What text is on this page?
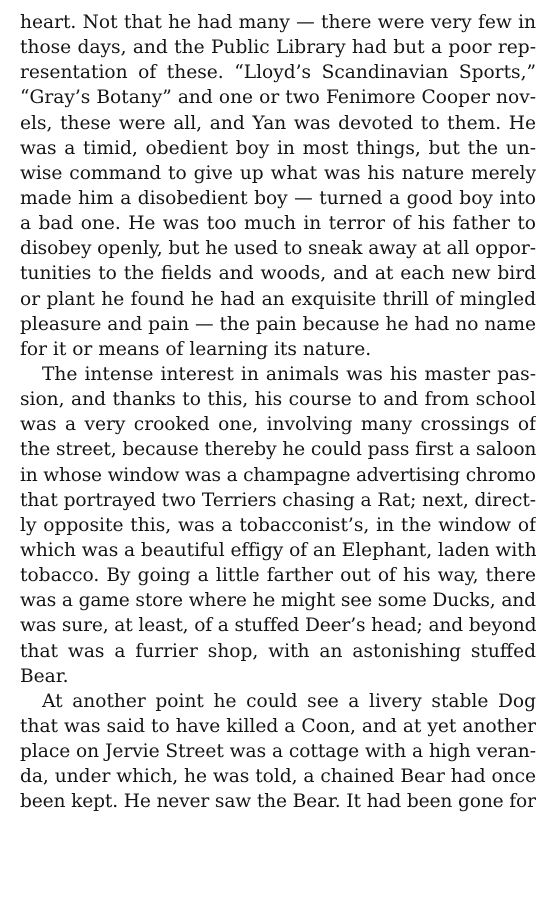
heart. Not that he had many — there were very few in
those days, and the Public Library had but a poor rep-
resentation of these. “Lloyd’s Scandinavian Sports,”
“Gray’s Botany” and one or two Fenimore Cooper nov-
els, these were all, and Yan was devoted to them. He
was a timid, obedient boy in most things, but the un-
wise command to give up what was his nature merely
made him a disobedient boy — turned a good boy into
a bad one. He was too much in terror of his father to
disobey openly, but he used to sneak away at all oppor-
tunities to the fields and woods, and at each new bird
or plant he found he had an exquisite thrill of mingled
pleasure and pain — the pain because he had no name
for it or means of learning its nature.
The intense interest in animals was his master pas-
sion, and thanks to this, his course to and from school
was a very crooked one, involving many crossings of
the street, because thereby he could pass first a saloon
in whose window was a champagne advertising chromo
that portrayed two Terriers chasing a Rat; next, direct-
ly opposite this, was a tobacconist’s, in the window of
which was a beautiful effigy of an Elephant, laden with
tobacco. By going a little farther out of his way, there
was a game store where he might see some Ducks, and
was sure, at least, of a stuffed Deer’s head; and beyond
that was a furrier shop, with an astonishing stuffed
Bear.
At another point he could see a livery stable Dog
that was said to have killed a Coon, and at yet another
place on Jervie Street was a cottage with a high veran-
da, under which, he was told, a chained Bear had once
been kept. He never saw the Bear. It had been gone for
